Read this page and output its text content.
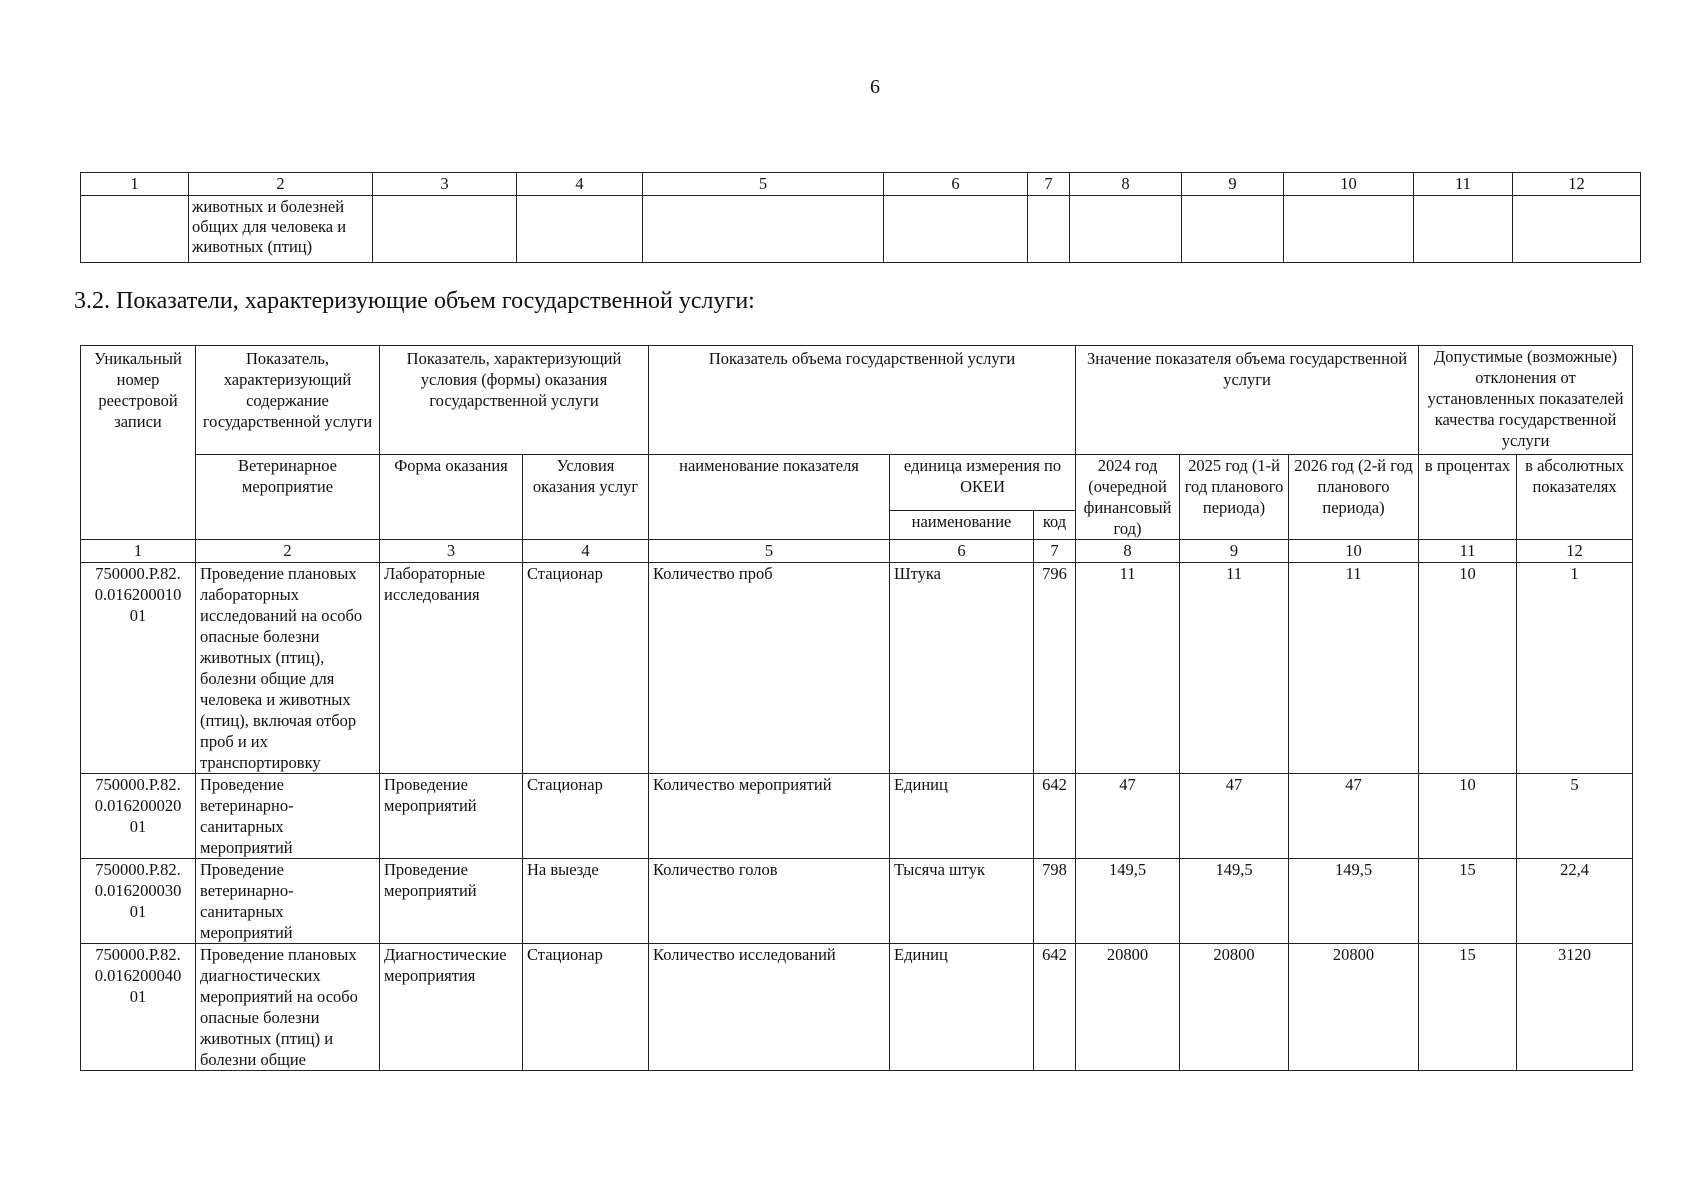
6
1	2	3	4	5	6	7	8	9	10	11	12
	животных и болезней общих для человека и животных (птиц)										
3.2. Показатели, характеризующие объем государственной услуги:
Уникальный номер реестровой записи	Показатель, характеризующий содержание государственной услуги	Показатель, характеризующий условия (формы) оказания государственной услуги		Показатель объема государственной услуги			Значение показателя объема государственной услуги			Допустимые (возможные) отклонения от установленных показателей качества государственной услуги	
	Ветеринарное мероприятие	Форма оказания	Условия оказания услуг	наименование показателя	единица измерения по ОКЕИ		2024 год (очередной финансовый год)	2025 год (1-й год планового периода)	2026 год (2-й год планового периода)	в процентах	в абсолютных показателях
					наименование	код					
1	2	3	4	5	6	7	8	9	10	11	12
750000.Р.82. 0.016200010 01	Проведение плановых лабораторных исследований на особо опасные болезни животных (птиц), болезни общие для человека и животных (птиц), включая отбор проб и их транспортировку	Лабораторные исследования	Стационар	Количество проб	Штука	796	11	11	11	10	1
750000.Р.82. 0.016200020 01	Проведение ветеринарно-санитарных мероприятий	Проведение мероприятий	Стационар	Количество мероприятий	Единиц	642	47	47	47	10	5
750000.Р.82. 0.016200030 01	Проведение ветеринарно-санитарных мероприятий	Проведение мероприятий	На выезде	Количество голов	Тысяча штук	798	149,5	149,5	149,5	15	22,4
750000.Р.82. 0.016200040 01	Проведение плановых диагностических мероприятий на особо опасные болезни животных (птиц) и болезни общие	Диагностические мероприятия	Стационар	Количество исследований	Единиц	642	20800	20800	20800	15	3120
